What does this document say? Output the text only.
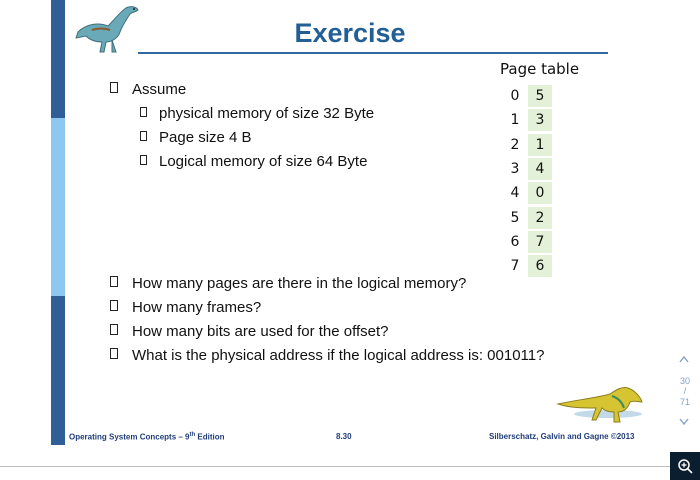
Exercise
Assume
physical memory of size 32 Byte
Page size 4 B
Logical memory of size 64 Byte
Page table
0	5
1	3
2	1
3	4
4	0
5	2
6	7
7	6
How many pages are there in the logical memory?
How many frames?
How many bits are used for the offset?
What is the physical address if the logical address is: 001011?
Operating System Concepts – 9th Edition	8.30	Silberschatz, Galvin and Gagne ©2013
30
/
71
